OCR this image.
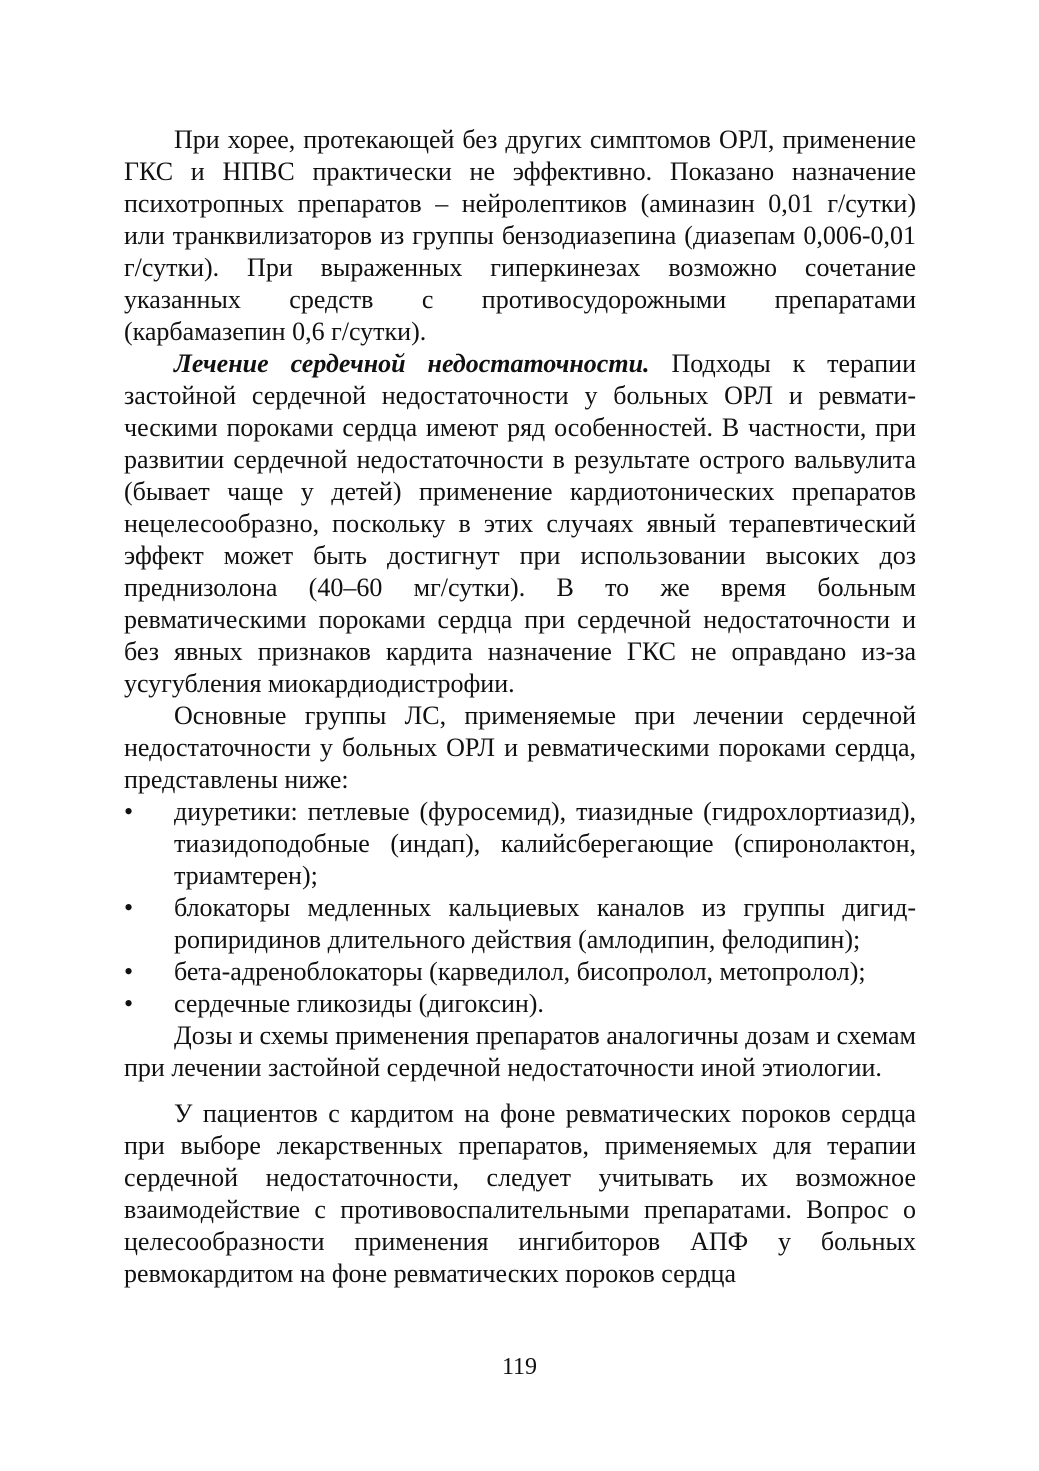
При хорее, протекающей без других симптомов ОРЛ, применение ГКС и НПВС практически не эффективно. Показано назначение психотропных препаратов – нейролептиков (аминазин 0,01 г/сутки) или транквилизаторов из группы бензодиазепина (диазепам 0,006-0,01 г/сутки). При выраженных гиперкинезах возможно сочетание указанных средств с противосудорожными препаратами (карбамазепин 0,6 г/сутки).

Лечение сердечной недостаточности. Подходы к терапии застойной сердечной недостаточности у больных ОРЛ и ревматическими пороками сердца имеют ряд особенностей. В частности, при развитии сердечной недостаточности в результате острого вальвулита (бывает чаще у детей) применение кардиотонических препаратов нецелесообразно, поскольку в этих случаях явный терапевтический эффект может быть достигнут при использовании высоких доз преднизолона (40–60 мг/сутки). В то же время больным ревматическими пороками сердца при сердечной недостаточности и без явных признаков кардита назначение ГКС не оправдано из-за усугубления миокардиодистрофии.

Основные группы ЛС, применяемые при лечении сердечной недостаточности у больных ОРЛ и ревматическими пороками сердца, представлены ниже:

•	диуретики: петлевые (фуросемид), тиазидные (гидрохлортиазид), тиазидоподобные (индап), калийсберегающие (спиронолактон, триамтерен);
•	блокаторы медленных кальциевых каналов из группы дигидропиридинов длительного действия (амлодипин, фелодипин);
•	бета-адреноблокаторы (карведилол, бисопролол, метопролол);
•	сердечные гликозиды (дигоксин).

Дозы и схемы применения препаратов аналогичны дозам и схемам при лечении застойной сердечной недостаточности иной этиологии.

У пациентов с кардитом на фоне ревматических пороков сердца при выборе лекарственных препаратов, применяемых для терапии сердечной недостаточности, следует учитывать их возможное взаимодействие с противовоспалительными препаратами. Вопрос о целесообразности применения ингибиторов АПФ у больных ревмокардитом на фоне ревматических пороков сердца

119
